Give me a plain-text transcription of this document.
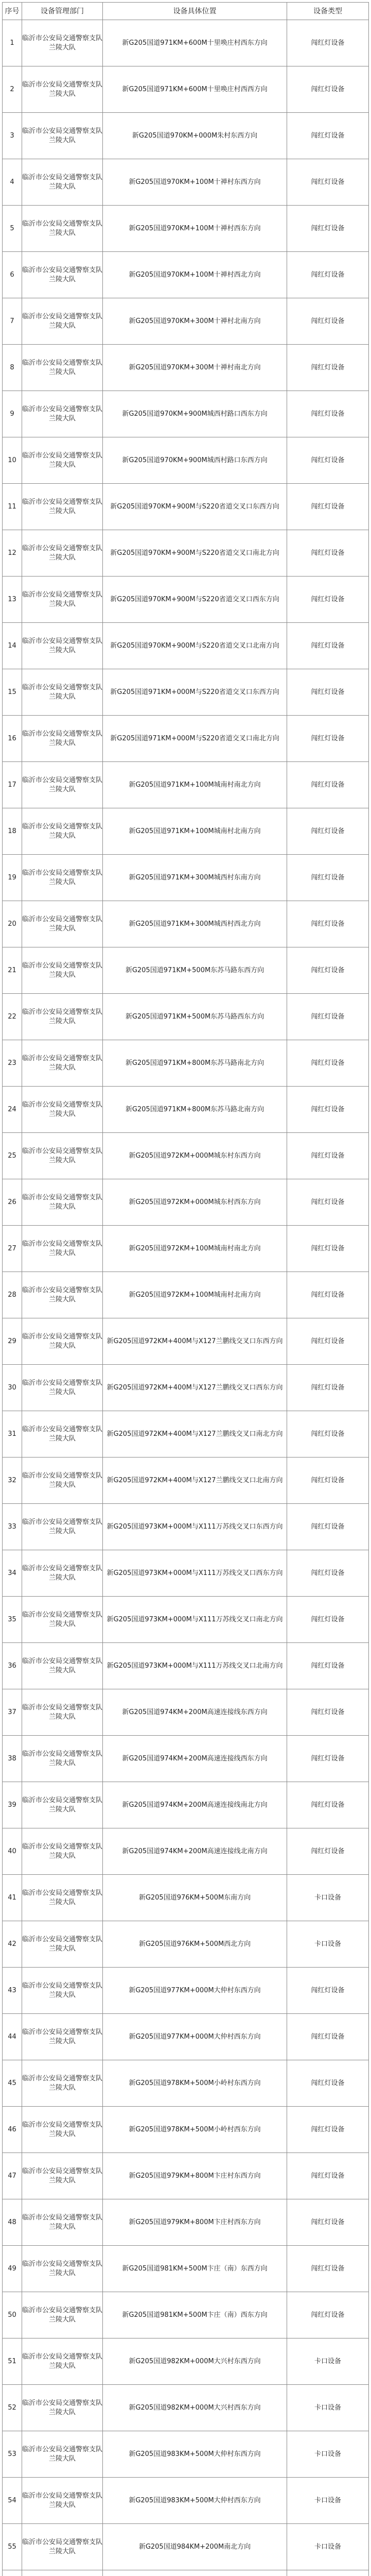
序号	设备管理部门	设备具体位置	设备类型
1	临沂市公安局交通警察支队兰陵大队	新G205国道971KM+600M十里唤庄村西东方向	闯红灯设备
2	临沂市公安局交通警察支队兰陵大队	新G205国道971KM+600M十里唤庄村西西方向	闯红灯设备
3	临沂市公安局交通警察支队兰陵大队	新G205国道970KM+000M朱村东西方向	闯红灯设备
4	临沂市公安局交通警察支队兰陵大队	新G205国道970KM+100M十禅村东西方向	闯红灯设备
5	临沂市公安局交通警察支队兰陵大队	新G205国道970KM+100M十禅村西东方向	闯红灯设备
6	临沂市公安局交通警察支队兰陵大队	新G205国道970KM+100M十禅村西北方向	闯红灯设备
7	临沂市公安局交通警察支队兰陵大队	新G205国道970KM+300M十禅村北南方向	闯红灯设备
8	临沂市公安局交通警察支队兰陵大队	新G205国道970KM+300M十禅村南北方向	闯红灯设备
9	临沂市公安局交通警察支队兰陵大队	新G205国道970KM+900M城西村路口西东方向	闯红灯设备
10	临沂市公安局交通警察支队兰陵大队	新G205国道970KM+900M城西村路口东西方向	闯红灯设备
11	临沂市公安局交通警察支队兰陵大队	新G205国道970KM+900M与S220省道交叉口东西方向	闯红灯设备
12	临沂市公安局交通警察支队兰陵大队	新G205国道970KM+900M与S220省道交叉口南北方向	闯红灯设备
13	临沂市公安局交通警察支队兰陵大队	新G205国道970KM+900M与S220省道交叉口西东方向	闯红灯设备
14	临沂市公安局交通警察支队兰陵大队	新G205国道970KM+900M与S220省道交叉口北南方向	闯红灯设备
15	临沂市公安局交通警察支队兰陵大队	新G205国道971KM+000M与S220省道交叉口东西方向	闯红灯设备
16	临沂市公安局交通警察支队兰陵大队	新G205国道971KM+000M与S220省道交叉口南北方向	闯红灯设备
17	临沂市公安局交通警察支队兰陵大队	新G205国道971KM+100M城南村南北方向	闯红灯设备
18	临沂市公安局交通警察支队兰陵大队	新G205国道971KM+100M城南村北南方向	闯红灯设备
19	临沂市公安局交通警察支队兰陵大队	新G205国道971KM+300M城西村东南方向	闯红灯设备
20	临沂市公安局交通警察支队兰陵大队	新G205国道971KM+300M城西村西北方向	闯红灯设备
21	临沂市公安局交通警察支队兰陵大队	新G205国道971KM+500M东苏马路东西方向	闯红灯设备
22	临沂市公安局交通警察支队兰陵大队	新G205国道971KM+500M东苏马路西东方向	闯红灯设备
23	临沂市公安局交通警察支队兰陵大队	新G205国道971KM+800M东苏马路南北方向	闯红灯设备
24	临沂市公安局交通警察支队兰陵大队	新G205国道971KM+800M东苏马路北南方向	闯红灯设备
25	临沂市公安局交通警察支队兰陵大队	新G205国道972KM+000M城东村东西方向	闯红灯设备
26	临沂市公安局交通警察支队兰陵大队	新G205国道972KM+000M城东村西东方向	闯红灯设备
27	临沂市公安局交通警察支队兰陵大队	新G205国道972KM+100M城南村南北方向	闯红灯设备
28	临沂市公安局交通警察支队兰陵大队	新G205国道972KM+100M城南村北南方向	闯红灯设备
29	临沂市公安局交通警察支队兰陵大队	新G205国道972KM+400M与X127兰鹏线交叉口东西方向	闯红灯设备
30	临沂市公安局交通警察支队兰陵大队	新G205国道972KM+400M与X127兰鹏线交叉口西东方向	闯红灯设备
31	临沂市公安局交通警察支队兰陵大队	新G205国道972KM+400M与X127兰鹏线交叉口南北方向	闯红灯设备
32	临沂市公安局交通警察支队兰陵大队	新G205国道972KM+400M与X127兰鹏线交叉口北南方向	闯红灯设备
33	临沂市公安局交通警察支队兰陵大队	新G205国道973KM+000M与X111万苏线交叉口东西方向	闯红灯设备
34	临沂市公安局交通警察支队兰陵大队	新G205国道973KM+000M与X111万苏线交叉口西东方向	闯红灯设备
35	临沂市公安局交通警察支队兰陵大队	新G205国道973KM+000M与X111万苏线交叉口南北方向	闯红灯设备
36	临沂市公安局交通警察支队兰陵大队	新G205国道973KM+000M与X111万苏线交叉口北南方向	闯红灯设备
37	临沂市公安局交通警察支队兰陵大队	新G205国道974KM+200M高速连接线东西方向	闯红灯设备
38	临沂市公安局交通警察支队兰陵大队	新G205国道974KM+200M高速连接线西东方向	闯红灯设备
39	临沂市公安局交通警察支队兰陵大队	新G205国道974KM+200M高速连接线南北方向	闯红灯设备
40	临沂市公安局交通警察支队兰陵大队	新G205国道974KM+200M高速连接线北南方向	闯红灯设备
41	临沂市公安局交通警察支队兰陵大队	新G205国道976KM+500M东南方向	卡口设备
42	临沂市公安局交通警察支队兰陵大队	新G205国道976KM+500M西北方向	卡口设备
43	临沂市公安局交通警察支队兰陵大队	新G205国道977KM+000M大仲村东西方向	闯红灯设备
44	临沂市公安局交通警察支队兰陵大队	新G205国道977KM+000M大仲村西东方向	闯红灯设备
45	临沂市公安局交通警察支队兰陵大队	新G205国道978KM+500M小岭村东西方向	闯红灯设备
46	临沂市公安局交通警察支队兰陵大队	新G205国道978KM+500M小岭村西东方向	闯红灯设备
47	临沂市公安局交通警察支队兰陵大队	新G205国道979KM+800M卞庄村东西方向	闯红灯设备
48	临沂市公安局交通警察支队兰陵大队	新G205国道979KM+800M卞庄村西东方向	闯红灯设备
49	临沂市公安局交通警察支队兰陵大队	新G205国道981KM+500M卞庄（南）东西方向	闯红灯设备
50	临沂市公安局交通警察支队兰陵大队	新G205国道981KM+500M卞庄（南）西东方向	闯红灯设备
51	临沂市公安局交通警察支队兰陵大队	新G205国道982KM+000M大兴村东西方向	卡口设备
52	临沂市公安局交通警察支队兰陵大队	新G205国道982KM+000M大兴村西东方向	卡口设备
53	临沂市公安局交通警察支队兰陵大队	新G205国道983KM+500M大仲村东西方向	卡口设备
54	临沂市公安局交通警察支队兰陵大队	新G205国道983KM+500M大仲村西东方向	卡口设备
55	临沂市公安局交通警察支队兰陵大队	新G205国道984KM+200M南北方向	卡口设备
